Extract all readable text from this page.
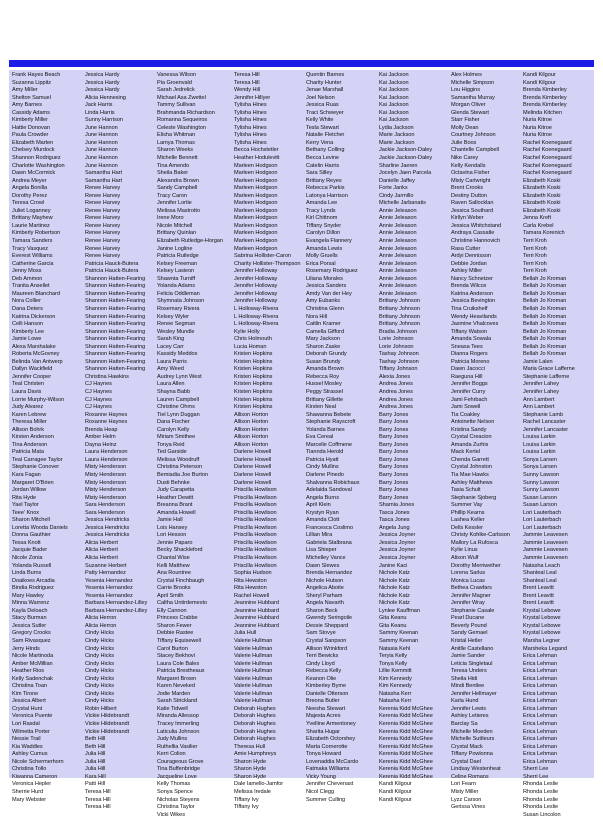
Frank Hayes Beach
Suzanna Lippitz
Amy Miller
Shelton Samuel
Amy Barnes
Cassidy Adams
Kimberly Miller
Hattie Donovan
Paula Crowder
Elizabeth Marten
Chelsey Murdock
Shannon Rodriguez
Charlotte Washington
Dawn McCormick
Andrea Meyer
Angela Bonilla
Dorothy Perez
Teresa Crowl
Juliet Loganney
Brittany Mayhew
Laurie Martinez
Kimberly Robertson
Tamara Sanders
Tracy Vasquez
Everest Williams
Catherine Garcia
Jenny Moss
Deb Ammon
Tranita Ansellet
Maureen Blanchard
Nora Collier
Dana Deters
Katrina Dickerson
Celli Hanson
Kimberly Lee
Jamie Lowe
Alexa Marshalake
Roberta McGovney
Belinda Van Antwerp
Dallyn Wackfield
Jennifer Cooper
Teal Christen
Laura Davis
Lorrie Murphy-Wilson
Judy Alvarez
Karen Lebrew
Theresa Miller
Allison Bohrk
Kirsten Anderson
Tina Anderson
Patricia Mata
Teal Carragee Taylor
Stephanie Conover
Kara Fagan
Margaret O'Brien
Jordan Willow
Rita Hyde
Yael Taylor
Teee' Knox
Sharon Mitchell
Loretta Wooda Daniels
Donna Gauthier
Tessa Knott
Jacquie Bader
Nicole Zonia
Yolanda Russell
Linda Burns
Doaikoes Arcadia
Bindia Rodriguez
Mary Hawley
Minna Warrenz
Kayla Deloach
Stacy Burman
Jessica Sutler
Gregory Crooks
Sam Rivasquez
Jerry Hinds
Nicole Martinoda
Amber McMillian
Heather Rios
Kelly Sadenchak
Christina Toan
Kim Tirone
Jessica Albert
Crystal Hunt
Veronica Puente
Lori Rasdal
Wilmetta Porter
Nessie Trail
Kia Waddles
Ashley Cumus
Nicole Schermerhorn
Christina Tollo
Kiwanna Cameron
Veronica Hepler
Sherrie Hurd
Mary Webster
Jessica Hardy
Jessica Hardy
Jessica Hardy
Alicia Hennesing
Jack Harris
Linda Harris
Sunny Harrison
June Hannon
June Hannon
June Hannon
June Hannon
June Hannon
June Hannon
Samantha Hart
Samantha Hart
Renee Harvey
Renee Harvey
Renee Harvey
Renee Harvey
Renee Harvey
Renee Harvey
Renee Harvey
Renee Harvey
Renee Harvey
Renee Harvey
Patricia Hauck-Butera
Patricia Hauck-Butera
Shannon Hatten-Fearing
Shannon Hatten-Fearing
Shannon Hatten-Fearing
Shannon Hatten-Fearing
Shannon Hatten-Fearing
Shannon Hatten-Fearing
Shannon Hatten-Fearing
Shannon Hatten-Fearing
Shannon Hatten-Fearing
Shannon Hatten-Fearing
Shannon Hatten-Fearing
Shannon Hatten-Fearing
Shannon Hatten-Fearing
Christina Hawkins
CJ Haynes
CJ Haynes
CJ Haynes
CJ Haynes
Roxanne Haynes
Roxanne Haynes
Brenda Heap
Amber Helm
Dayna Heinz
Laura Henderson
Laura Henderson
Misty Henderson
Misty Henderson
Misty Henderson
Misty Henderson
Misty Henderson
Sara Henderson
Sara Henderson
Jessica Hendricks
Jessica Hendricks
Jessica Hendricks
Alicia Herbert
Alicia Herbert
Alicia Herbert
Suzanne Herbert
Patty Hernandez
Yesenia Hernandez
Yesenia Hernandez
Yesenia Hernandez
Barbara Hernandez-Lilley
Barbara Hernandez-Lilley
Alicia Herron
Alicia Herron
Cindy Hicks
Cindy Hicks
Cindy Hicks
Cindy Hicks
Cindy Hicks
Cindy Hicks
Cindy Hicks
Cindy Hicks
Cindy Hicks
Cindy Hicks
Robin Hilbert
Vickie Hildebrandt
Vickie Hildebrandt
Vickie Hildebrandt
Beth Hill
Beth Hill
Julia Hill
Julia Hill
Julia Hill
Kara Hill
Patti Hill
Teresa Hill
Teresa Hill
Teresa Hill
Vanessa Wilson
Pia Groenvald
Sarah Jedrelick
Michael Asa Zwettel
Tammy Sullivan
Brahmanda Richardson
Romanna Sequeiros
Celeste Washington
Elisha Whitman
Lamya Thomas
Sharon Weeks
Michelle Bennett
Tina Amendo
Sheila Baker
Alexandra Brown
Sandy Campbell
Tracy Caron
Jennifer Lortie
Melissa Mastrotto
Irene Moro
Nicole Mitchell
Brittany Quinlan
Elizabeth Rutledge-Horgan
Janine Logline
Patricia Rutledge
Kelsey Freeman
Kelsey Lasieon
Shawnta Turniff
Yolanda Adams
Felicia Oddleman
Shymnata Johnson
Rosemary Rivera
Kelsey Wyler
Renee Segman
Wesley Mundle
Sarah King
Lacey Carr
Kassidy Meddox
Laura Parris
Amy Weed
Audrey Lynn West
Laura Allen
Shayna Babb
Lauren Campbell
Christine Ohms
Tiel Lynn Duggan
Dana Fischer
Carolyn Kelly
Miriam Smithee
Tonya Reid
Ted Garside
Melissa Woodruff
Christina Peterson
Bemiadia Joe Burton
Dusti Behnke
Judy Carapetta
Heather Dewitt
Breanna Brant
Amanda Howell
Jamie Hall
Lois Hansey
Lori Hesson
Jennie Paparo
Becky Shackleford
Chantal Wise
Kelli Matthew
Ana Rountree
Crystal Finchbaugh
Carrie Brooks
April Smith
Caltha Untirdemesto
Elly Cannon
Princess Crabbe
Sharon Fewer
Debbie Rastee
Tiffany Equisewell
Carol Burton
Stacey Bekhovi
Laura Cole Bales
Patricia Brestheaux
Margaret Brown
Karen Neveked
Jodie Marden
Sarah Strickland
Katie Tidwell
Miranda Allessop
Tracey Immerling
Laticulia Johnson
Judy Mullins
Ruthellia Vasilier
Kerri Colion
Courageous Grove
Tina Buffenbridge
Jacqueline Love
Kelly Thomas
Sonya Spence
Nicholas Steyens
Christina Taylor
Vicki Wikes
Teresa Hill
Teresa Hill
Wendy Hill
Jennifer Hillyer
Tylisha Hines
Tylisha Hines
Tylisha Hines
Tylisha Hines
Tylisha Hines
Tylisha Hines
Becca Hochstetler
Heather Hodulevitt
Marleen Hodgson
Marleen Hodgson
Marleen Hodgson
Marleen Hodgson
Marleen Hodgson
Marleen Hodgson
Marleen Hodgson
Marleen Hodgson
Marleen Hodgson
Marleen Hodgson
Marleen Hodgson
Marleen Hodgson
Sabrina Hollister-Caron
Charity Hollister-Thompson
Jennifer Holloway
Jennifer Holloway
Jennifer Holloway
Jennifer Holloway
Jennifer Holloway
L Holloway-Rivera
L Holloway-Rivera
L Holloway-Rivera
Kylie Holly
Chris Holmouth
Lucia Homan
Kristen Hopkins
Kristen Hopkins
Kristen Hopkins
Kristen Hopkins
Kristen Hopkins
Kristen Hopkins
Kristen Hopkins
Kristen Hopkins
Allison Horton
Allison Horton
Allison Horton
Allison Horton
Allison Horton
Darlene Howell
Darlene Howell
Darlene Howell
Darlene Howell
Darlene Howell
Priscilla Howlison
Priscilla Howlison
Priscilla Howlison
Priscilla Howlison
Priscilla Howlison
Priscilla Howlison
Priscilla Howlison
Priscilla Howlison
Priscilla Howlison
Priscilla Howlison
Priscilla Howlison
Sophia Hudson
Rita Hewston
Rita Hewston
Rachel Howell
Jeannine Hubbard
Jeannine Hubbard
Jeannine Hubbard
Jeannine Hubbard
Julia Hull
Valerie Hullman
Valerie Hullman
Valerie Hullman
Valerie Hullman
Valerie Hullman
Valerie Hullman
Valerie Hullman
Valerie Hullman
Valerie Hullman
Deborah Hughes
Deborah Hughes
Deborah Hughes
Deborah Hughes
Deborah Hughes
Theresa Hull
Amie Humphreys
Sharon Hyde
Sharon Hyde
Sharon Hyde
Dale Iamello-Jamfor
Melissa Iredale
Tiffany Ivy
Tiffany Ivy
Quentin Barnes
Charity Hunter
Jenae Marshall
Joel Nelson
Jessica Ruas
Traci Schweyer
Kelly White
Tesla Stewart
Natalie Fletcher
Kerry Vena
Bethany Colling
Becca Levine
Catelin Harris
Sara Silley
Brittany Reyes
Rebecca Parkis
Latonya Harrison
Amanda Lee
Tracy Lynds
Kirl Chittnom
Tiffany Snyder
Carolyn Dillon
Evangela Flannery
Amanda Lewis
Molly Gruells
Erica Porsal
Rosemary Rodriguez
Liliana Morales
Jessica Sanders
Amdy Van der Hey
Amy Eubanks
Christina Glenn
Nora Hill
Caitlin Kramer
Camella Gifford
Mary Jackson
Sharon Zaske
Deborah Grundy
Susan Brundy
Amanda Brown
Rebecca Roy
Hussel Mosley
Peggy Strassel
Brittany Gillette
Kirsten Neal
Shawanna Bebete
Stephanie Rayscroft
Yolanda Barnes
Eva Cereal
Marcelle Coffmene
Tiannda Herold
Patricia Hyatt
Cindy Mullins
Darlene Pinedo
Shalvanna Robichaux
Adelaida Sandoval
Angela Burns
April Klein
Krystyn Ryan
Amanda Clott
Francesca Coslimo
Lillian Mira
Gabriela Stalbrana
Lisa Shieper
Michelley Vance
Dawn Slewes
Brenda Hernandez
Nichole Hutson
Angelica Aboite
Sheryl Parham
Angela Navarth
Sharon Beck
Gwendy Seringoile
Dessie Sheppard
Sam Stovye
Crystal Sanpson
Allison Wrinkford
Terri Bewicks
Cindy Lloyd
Rebecca Kelly
Keanon Olie
Kimberley Byme
Danielle Otterson
Breona Butler
Neesha Stewart
Majesta Acres
Yvelline Armentoney
Sharita Hugar
Elizabeth Octorshey
Marta Cornerotte
Tonya Howard
Lovenaddia McCardo
Fatmaka Williams
Vicky Young
Jennifer Chevenast
Nicol Clegg
Summer Culling
Kai Jackson
Kai Jackson
Kai Jackson
Kai Jackson
Kai Jackson
Kai Jackson
Kai Jackson
Lydia Jackson
Marie Jackson
Marie Jackson
Jackie Jackson-Daley
Jackie Jackson-Daley
Sharline Jaeren
Jocelyn Jaen Parcela
Danielle Jaffey
Forte Janks
Cindy Jarmillo
Michelle Jarbanatis
Annie Jeleason
Annie Jeleason
Annie Jeleason
Annie Jeleason
Annie Jeleason
Annie Jeleason
Annie Jeleason
Annie Jeleason
Annie Jeleason
Annie Jeleason
Annie Jeleason
Annie Jeleason
Brittany Johnson
Brittany Johnson
Brittany Johnson
Brittany Johnson
Bradia Johnson
Lorie Johnson
Lorie Johnson
Tashay Johnson
Tashay Johnson
Tiffany Johnson
Alexia Jones
Andrea Jones
Andrea Jones
Andrea Jones
Andrea Jones
Barry Jones
Barry Jones
Barry Jones
Barry Jones
Barry Jones
Barry Jones
Barry Jones
Barry Jones
Barry Jones
Barry Jones
Barry Jones
Barry Jones
Sharnia Jones
Tasca Jones
Tasca Jones
Angela Jung
Jessica Joyner
Jessica Joyner
Jessica Joyner
Jessica Joyner
Janine Kaci
Nichole Katz
Nichole Katz
Nichole Katz
Nichole Katz
Nichole Katz
Lynlee Kauffman
Gita Keanu
Gita Keanu
Sammy Keenan
Sammy Keenan
Natasia Kehl
Teryia Kelly
Tonya Kelly
Lillie Kemmitt
Kim Kennedy
Kim Kennedy
Natasha Kerr
Natasha Kerr
Kerenia Kidd McGhee
Kerenia Kidd McGhee
Kerenia Kidd McGhee
Kerenia Kidd McGhee
Kerenia Kidd McGhee
Kerenia Kidd McGhee
Kerenia Kidd McGhee
Kerenia Kidd McGhee
Kerenia Kidd McGhee
Kerenia Kidd McGhee
Kandi Kilgour
Kandi Kilgour
Kandi Kilgour
Alex Holmes
Michelle Simpson
Lou Higgins
Samantha Murray
Morgan Oliver
Glenda Stewart
Starr Fisher
Molly Dean
Courtney Johnson
Julie Boos
Chantelle Campbell
Nike Carey
Kelly Kendalls
Octavina Fisher
Misty Cartwright
Brent Crooks
Destiny Dutton
Raven Sallocklan
Jessica Southard
Kirllyn Weber
Jessica Whitchstand
Andraya Cassatle
Christine Hannovich
Rasa Cutter
Ardyi Dennisson
Debbie Jordan
Ashley Miller
Nancy Schnetzer
Brenda Wilcox
Katrina Anderson
Jessica Bevington
Tina Cruikshelf
Wendy Heavilands
Jasmine Vhalcoves
Tiffany Watson
Amanda Sowala
Sneasa Tees
Dianna Rogers
Patricia Moreno
Dawn Jacocci
Raeguna Hill
Jennifer Boggs
Jennifer Curry
Jami Fehrbach
Jami Sowell
Tia Coakley
Antoinette Nelson
Kristina Sandy
Crystal Creacion
Amanda Zurhis
Mack Kertel
Chenda Garrett
Crystal Johnston
Tia Mae Hawks
Ashley Matthews
Tasia Schult
Stephanie Sjoberg
Summer Vay
Phillip Kearns
Lashea Keller
Dells Kessler
Christy Kohlke-Carlsson
Mallory La Rufosca
Kylie Linus
Alison Wulf
Dorothy Merriwether
Lorena Sarlus
Monica Lucas
Bethea Crawfars
Jennifer Magner
Jennifer Wray
Stephanie Casale
Pearl Ducane
Beverly Pound
Sandy Gemael
Kristal Hetler
Anitlle Castellano
Jamie Sander
Leticia Singletaul
Teresa Unders
Sheila Hidi
Mindi Bentlee
Jennifer Hellmayer
Karla Hund
Jennifer Lewis
Ashley Letieres
Barclay Sa
Michelle Moeden
Michelle Suttleurs
Crystal Mack
Tiffany Powlonna
Crystal Dael
Lindsay Westenheat
Celine Romans
Lori Fearn
Misty Miller
Lyzz Carson
Gerissa Vines
Kandi Kilgour
Kandi Kilgour
Brenda Kimberley
Brenda Kimberley
Brenda Kimberley
Melinda Kitchen
Nuria Kitroe
Nuria Kitroe
Nuria Kitroe
Rachel Koenegaard
Rachel Koenegaard
Rachel Koenegaard
Rachel Koenegaard
Rachel Koenegaard
Elizabeth Koski
Elizabeth Koski
Elizabeth Koski
Elizabeth Koski
Elizabeth Koski
Jenna Kreft
Carla Krebel
Tamara Korenich
Terri Kroh
Terri Kroh
Terri Kroh
Terri Kroh
Terri Kroh
Bellah Jo Kroman
Bellah Jo Kroman
Bellah Jo Kroman
Bellah Jo Kroman
Bellah Jo Kroman
Bellah Jo Kroman
Bellah Jo Kroman
Bellah Jo Kroman
Bellah Jo Kroman
Bellah Jo Kroman
Bellah Jo Kroman
Jamie Lalen
Maria Grace Lafferne
Stephanie Lafferne
Jennifer Lahey
Jennifer Lahey
Ann Lambert
Ann Lambert
Stephanie Lamb
Rachel Lancaster
Jennifer Lancaster
Louisa Larkin
Louisa Larkin
Louisa Larkin
Sonya Larsen
Sonya Larsen
Sunny Lawson
Sunny Lawson
Sunny Lawson
Susan Larson
Susan Larson
Lori Lauterbach
Lori Lauterbach
Lori Lauterbach
Jammie Leavesen
Jammie Leavesen
Jammie Leavesen
Jammie Leavesen
Natasha Leach
Shanteal Leal
Shanteal Leal
Brent Leavitt
Brent Leavitt
Brent Leavitt
Krystal Lebowe
Krystal Lebowe
Krystal Lebowe
Krystal Lebowe
Marsha Legner
Marsheka Legand
Erica Lehman
Erica Lehman
Erica Lehman
Erica Lehman
Erica Lehman
Erica Lehman
Erica Lehman
Erica Lehman
Erica Lehman
Erica Lehman
Erica Lehman
Erica Lehman
Erica Lehman
Erica Lehman
Erica Lehman
Sherri Lee
Sherri Lee
Rhonda Leslie
Rhonda Leslie
Rhonda Leslie
Rhonda Leslie
Susan Lincolon
